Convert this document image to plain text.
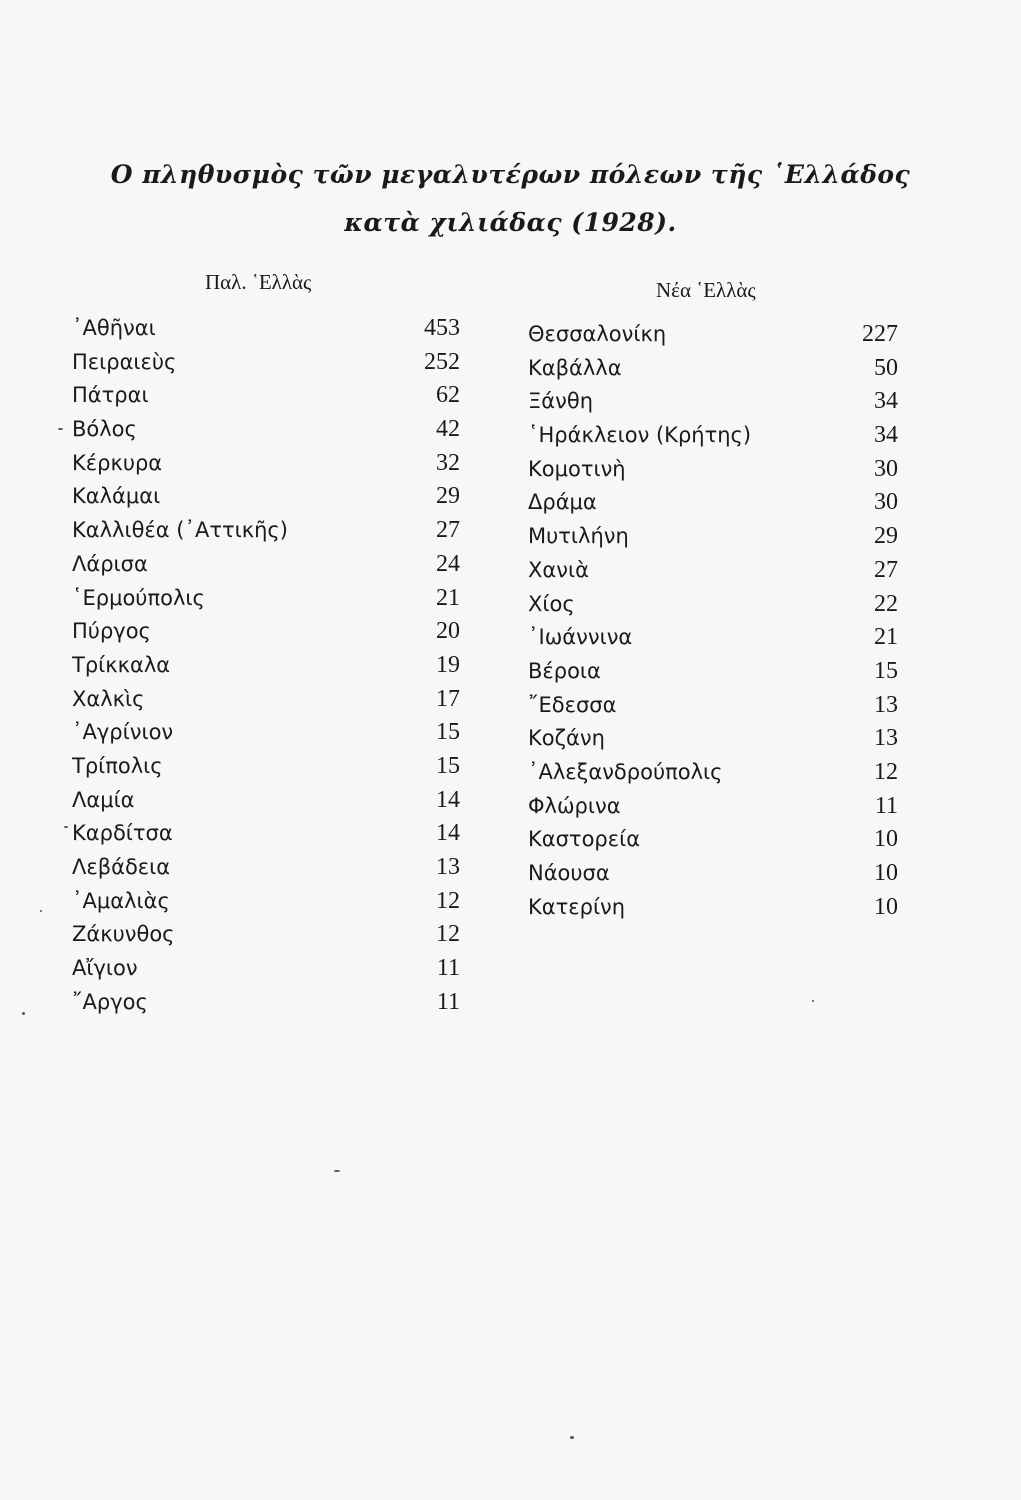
Ο πληθυσμὸς τῶν μεγαλυτέρων πόλεων τῆς ῾Ελλάδος
κατὰ χιλιάδας (1928).
Παλ. ῾Ελλὰς	Νέα ῾Ελλὰς
᾿Αθῆναι	453
Πειραιεὺς	252
Πάτραι	62
Βόλος	42
Κέρκυρα	32
Καλάμαι	29
Καλλιθέα (᾿Αττικῆς)	27
Λάρισα	24
῾Ερμούπολις	21
Πύργος	20
Τρίκκαλα	19
Χαλκὶς	17
᾿Αγρίνιον	15
Τρίπολις	15
Λαμία	14
Καρδίτσα	14
Λεβάδεια	13
᾿Αμαλιὰς	12
Ζάκυνθος	12
Αἴγιον	11
῎Αργος	11
Θεσσαλονίκη	227
Καβάλλα	50
Ξάνθη	34
῾Ηράκλειον (Κρήτης)	34
Κομοτινὴ	30
Δράμα	30
Μυτιλήνη	29
Χανιὰ	27
Χίος	22
᾿Ιωάννινα	21
Βέροια	15
῎Εδεσσα	13
Κοζάνη	13
᾿Αλεξανδρούπολις	12
Φλώρινα	11
Καστορεία	10
Νάουσα	10
Κατερίνη	10
